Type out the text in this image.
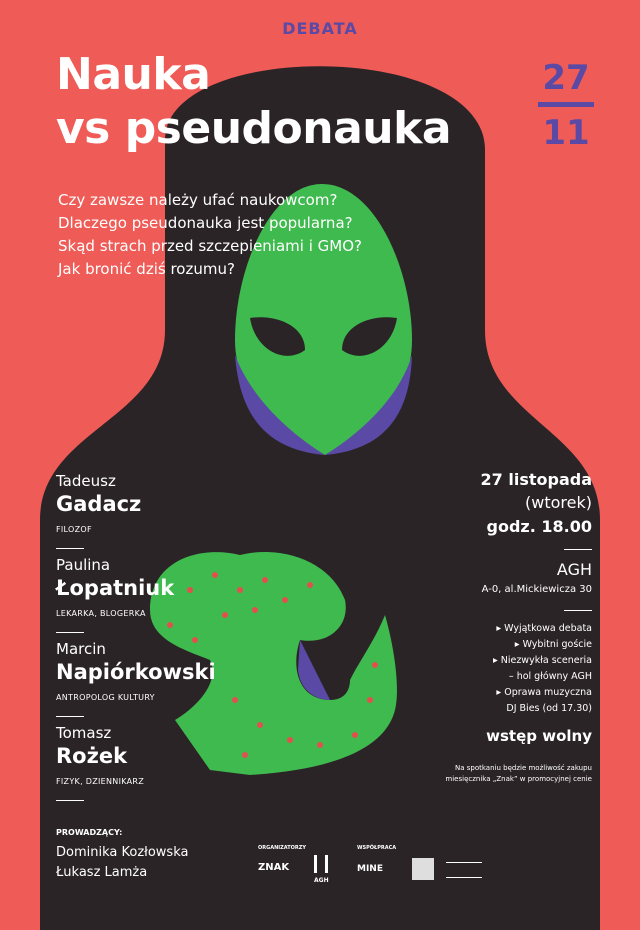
DEBATA
Nauka
vs pseudonauka
27
11
Czy zawsze należy ufać naukowcom?
Dlaczego pseudonauka jest popularna?
Skąd strach przed szczepieniami i GMO?
Jak bronić dziś rozumu?
Tadeusz
Gadacz
FILOZOF
Paulina
Łopatniuk
LEKARKA, BLOGERKA
Marcin
Napiórkowski
ANTROPOLOG KULTURY
Tomasz
Rożek
FIZYK, DZIENNIKARZ
27 listopada
(wtorek)
godz. 18.00
AGH
A-0, al.Mickiewicza 30
▸ Wyjątkowa debata
▸ Wybitni goście
▸ Niezwykła sceneria
– hol główny AGH
▸ Oprawa muzyczna
DJ Bies (od 17.30)
wstęp wolny
Na spotkaniu będzie możliwość zakupu
miesięcznika „Znak” w promocyjnej cenie
PROWADZĄCY:
Dominika Kozłowska
Łukasz Lamża
ORGANIZATORZY
ZNAK
AGH
WSPÓŁPRACA
MINE
